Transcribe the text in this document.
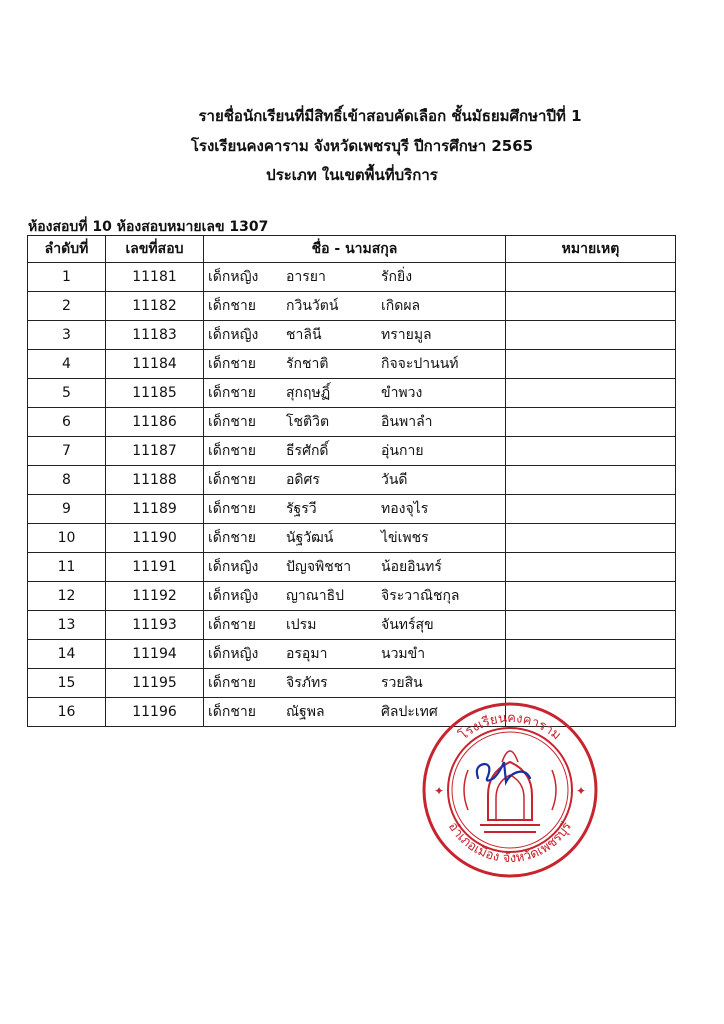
รายชื่อนักเรียนที่มีสิทธิ์เข้าสอบคัดเลือก ชั้นมัธยมศึกษาปีที่ 1
โรงเรียนคงคาราม จังหวัดเพชรบุรี ปีการศึกษา 2565
ประเภท ในเขตพื้นที่บริการ
ห้องสอบที่ 10 ห้องสอบหมายเลข 1307
ลำดับที่	เลขที่สอบ	ชื่อ - นามสกุล	หมายเหตุ
1	11181	เด็กหญิง อารยา รักยิ่ง	
2	11182	เด็กชาย กวินวัตน์ เกิดผล	
3	11183	เด็กหญิง ชาลินี ทรายมูล	
4	11184	เด็กชาย รักชาติ กิจจะปานนท์	
5	11185	เด็กชาย สุกฤษฏิ์ ขำพวง	
6	11186	เด็กชาย โชติวิต อินพาลำ	
7	11187	เด็กชาย ธีรศักดิ์ อุ่นกาย	
8	11188	เด็กชาย อดิศร วันดี	
9	11189	เด็กชาย รัฐรวี ทองจุไร	
10	11190	เด็กชาย นัฐวัฒน์ ไข่เพชร	
11	11191	เด็กหญิง ปัญจพิชชา น้อยอินทร์	
12	11192	เด็กหญิง ญาณาธิป จิระวาณิชกุล	
13	11193	เด็กชาย เปรม จันทร์สุข	
14	11194	เด็กหญิง อรอุมา นวมขำ	
15	11195	เด็กชาย จิรภัทร รวยสิน	
16	11196	เด็กชาย ณัฐพล ศิลปะเทศ	
✦	✦
โรงเรียนคงคาราม
อำเภอเมือง จังหวัดเพชรบุรี
